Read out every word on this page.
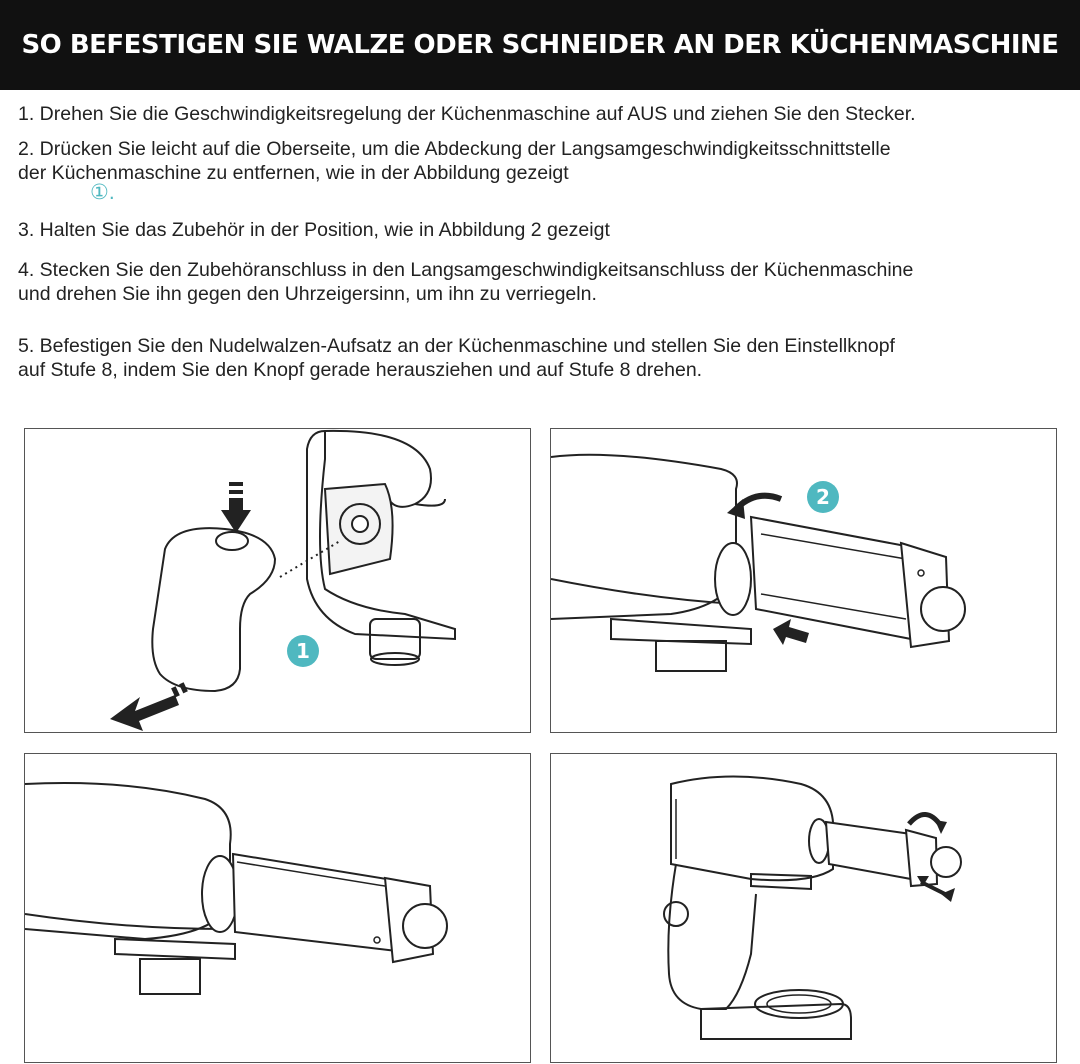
SO BEFESTIGEN SIE WALZE ODER SCHNEIDER AN DER KÜCHENMASCHINE
1. Drehen Sie die Geschwindigkeitsregelung der Küchenmaschine auf AUS und ziehen Sie den Stecker.
2. Drücken Sie leicht auf die Oberseite, um die Abdeckung der Langsamgeschwindigkeitsschnittstelle
der Küchenmaschine zu entfernen, wie in der Abbildung gezeigt
①.
3. Halten Sie das Zubehör in der Position, wie in Abbildung 2 gezeigt
4. Stecken Sie den Zubehöranschluss in den Langsamgeschwindigkeitsanschluss der Küchenmaschine
und drehen Sie ihn gegen den Uhrzeigersinn, um ihn zu verriegeln.
5. Befestigen Sie den Nudelwalzen-Aufsatz an der Küchenmaschine und stellen Sie den Einstellknopf
auf Stufe 8, indem Sie den Knopf gerade herausziehen und auf Stufe 8 drehen.
1
2
